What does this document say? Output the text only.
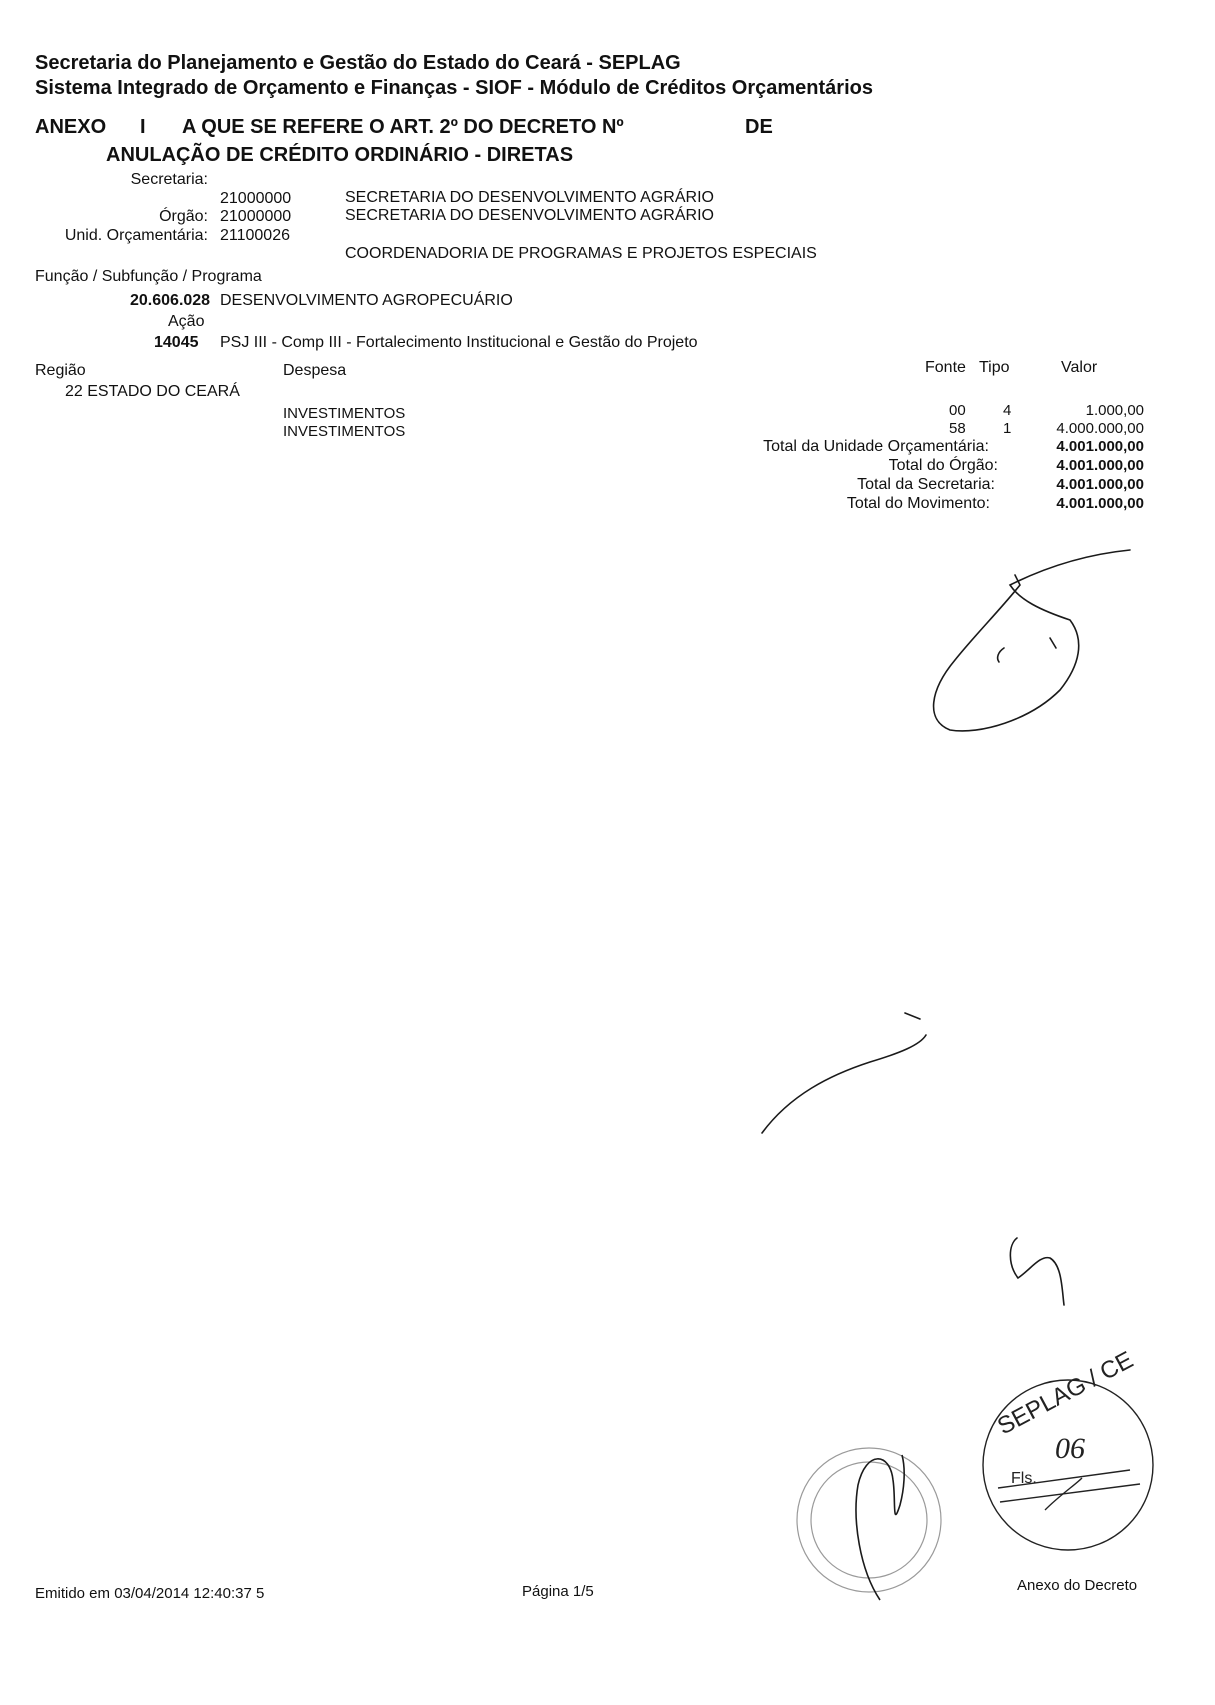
Secretaria do Planejamento e Gestão do Estado do Ceará - SEPLAG
Sistema Integrado de Orçamento e Finanças - SIOF - Módulo de Créditos Orçamentários
ANEXO I A QUE SE REFERE O ART. 2º DO DECRETO Nº	DE
ANULAÇÃO DE CRÉDITO ORDINÁRIO - DIRETAS
Secretaria:
21000000	SECRETARIA DO DESENVOLVIMENTO AGRÁRIO
Órgão: 21000000	SECRETARIA DO DESENVOLVIMENTO AGRÁRIO
Unid. Orçamentária: 21100026
COORDENADORIA DE PROGRAMAS E PROJETOS ESPECIAIS
Função / Subfunção / Programa
20.606.028 DESENVOLVIMENTO AGROPECUÁRIO
Ação
14045 PSJ III - Comp III - Fortalecimento Institucional e Gestão do Projeto
Região	Despesa	Fonte Tipo	Valor
22 ESTADO DO CEARÁ
INVESTIMENTOS	00 4	1.000,00
INVESTIMENTOS	58 1	4.000.000,00
Total da Unidade Orçamentária:	4.001.000,00
Total do Órgão:	4.001.000,00
Total da Secretaria:	4.001.000,00
Total do Movimento:	4.001.000,00
SEPLAG / CE
06
Fls.
Emitido em 03/04/2014 12:40:37 5	Página 1/5	Anexo do Decreto
